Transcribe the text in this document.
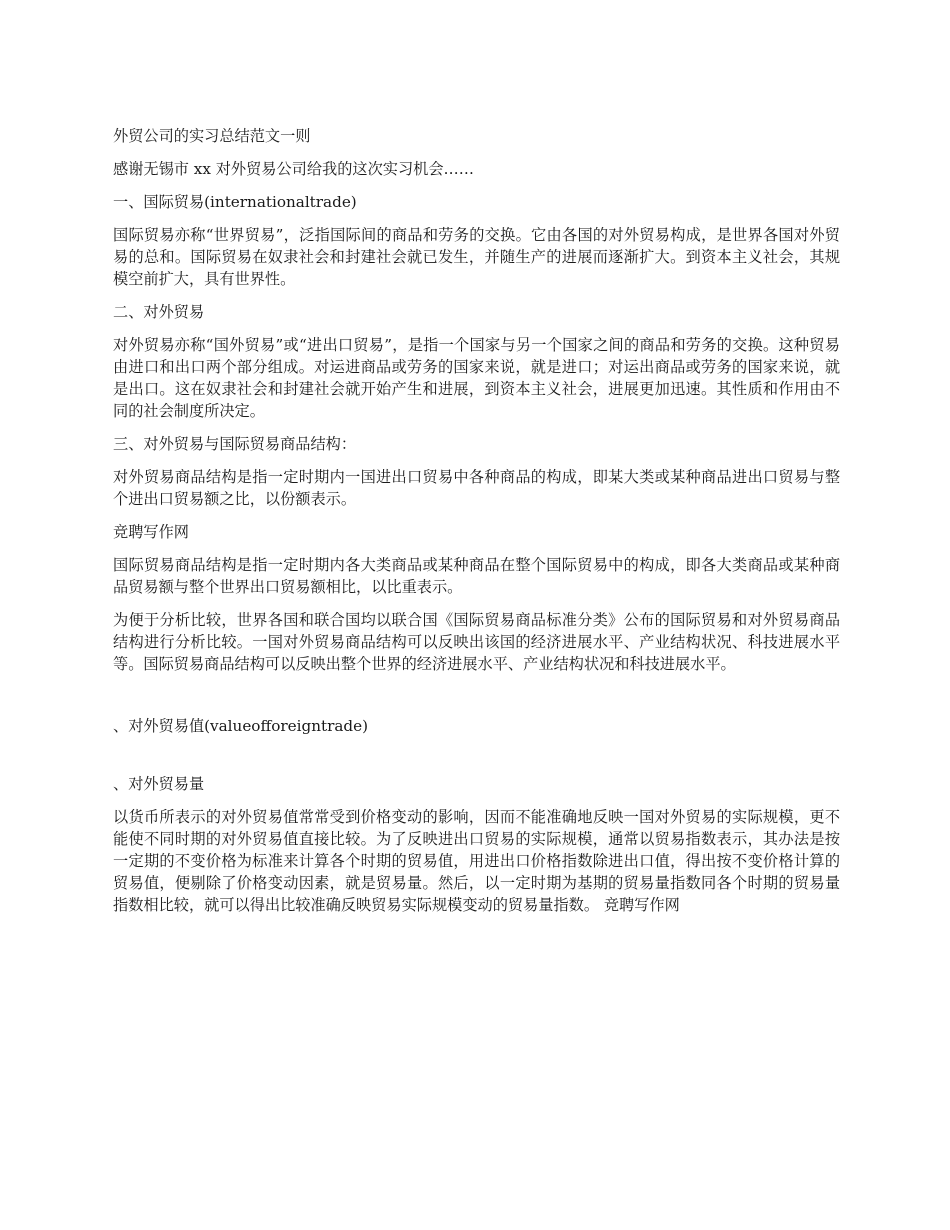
外贸公司的实习总结范文一则

感谢无锡市 xx 对外贸易公司给我的这次实习机会……

一、国际贸易(internationaltrade)

国际贸易亦称“世界贸易”，泛指国际间的商品和劳务的交换。它由各国的对外贸易构成，是世界各国对外贸易的总和。国际贸易在奴隶社会和封建社会就已发生，并随生产的进展而逐渐扩大。到资本主义社会，其规模空前扩大，具有世界性。

二、对外贸易

对外贸易亦称“国外贸易”或“进出口贸易”，是指一个国家与另一个国家之间的商品和劳务的交换。这种贸易由进口和出口两个部分组成。对运进商品或劳务的国家来说，就是进口；对运出商品或劳务的国家来说，就是出口。这在奴隶社会和封建社会就开始产生和进展，到资本主义社会，进展更加迅速。其性质和作用由不同的社会制度所决定。

三、对外贸易与国际贸易商品结构：

对外贸易商品结构是指一定时期内一国进出口贸易中各种商品的构成，即某大类或某种商品进出口贸易与整个进出口贸易额之比，以份额表示。

竞聘写作网

国际贸易商品结构是指一定时期内各大类商品或某种商品在整个国际贸易中的构成，即各大类商品或某种商品贸易额与整个世界出口贸易额相比，以比重表示。

为便于分析比较，世界各国和联合国均以联合国《国际贸易商品标准分类》公布的国际贸易和对外贸易商品结构进行分析比较。一国对外贸易商品结构可以反映出该国的经济进展水平、产业结构状况、科技进展水平等。国际贸易商品结构可以反映出整个世界的经济进展水平、产业结构状况和科技进展水平。

、对外贸易值(valueofforeigntrade)

、对外贸易量

以货币所表示的对外贸易值常常受到价格变动的影响，因而不能准确地反映一国对外贸易的实际规模，更不能使不同时期的对外贸易值直接比较。为了反映进出口贸易的实际规模，通常以贸易指数表示，其办法是按一定期的不变价格为标准来计算各个时期的贸易值，用进出口价格指数除进出口值，得出按不变价格计算的贸易值，便剔除了价格变动因素，就是贸易量。然后，以一定时期为基期的贸易量指数同各个时期的贸易量指数相比较，就可以得出比较准确反映贸易实际规模变动的贸易量指数。 竞聘写作网
